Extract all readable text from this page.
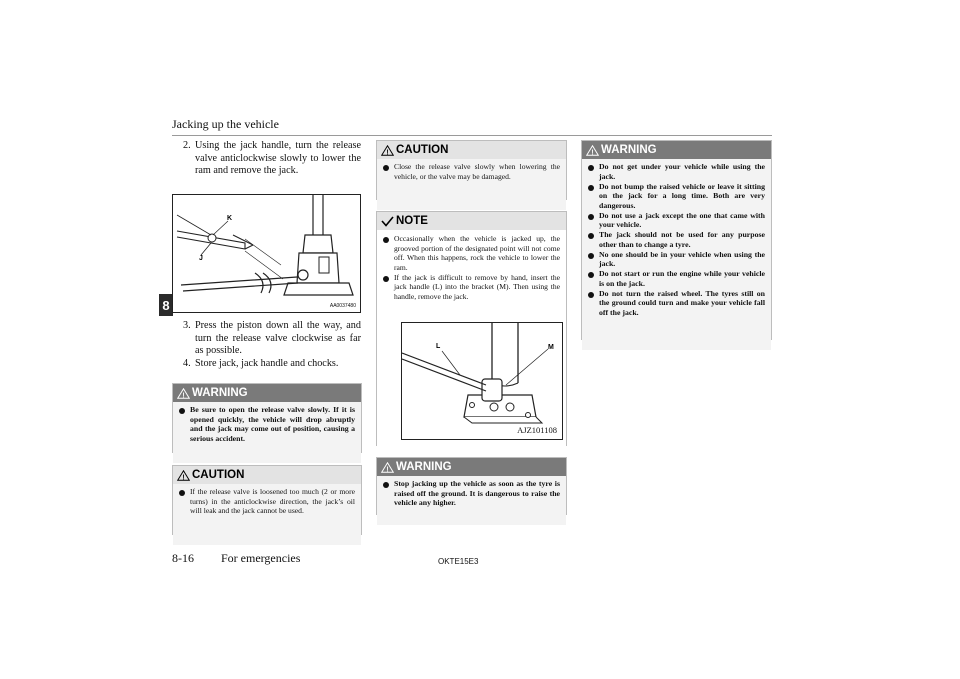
Jacking up the vehicle
8
2. Using the jack handle, turn the release valve anticlockwise slowly to lower the ram and remove the jack.
K
J
AA0037480
3. Press the piston down all the way, and turn the release valve clockwise as far as possible.
4. Store jack, jack handle and chocks.
! WARNING
Be sure to open the release valve slowly. If it is opened quickly, the vehicle will drop abruptly and the jack may come out of position, causing a serious accident.
! CAUTION
If the release valve is loosened too much (2 or more turns) in the anticlockwise direction, the jack’s oil will leak and the jack cannot be used.
! CAUTION
Close the release valve slowly when lowering the vehicle, or the valve may be damaged.
NOTE
Occasionally when the vehicle is jacked up, the grooved portion of the designated point will not come off. When this happens, rock the vehicle to lower the ram.
If the jack is difficult to remove by hand, insert the jack handle (L) into the bracket (M). Then using the handle, remove the jack.
L	M
AJZ101108
! WARNING
Stop jacking up the vehicle as soon as the tyre is raised off the ground. It is dangerous to raise the vehicle any higher.
! WARNING
Do not get under your vehicle while using the jack.
Do not bump the raised vehicle or leave it sitting on the jack for a long time. Both are very dangerous.
Do not use a jack except the one that came with your vehicle.
The jack should not be used for any purpose other than to change a tyre.
No one should be in your vehicle when using the jack.
Do not start or run the engine while your vehicle is on the jack.
Do not turn the raised wheel. The tyres still on the ground could turn and make your vehicle fall off the jack.
8-16 For emergencies	OKTE15E3
